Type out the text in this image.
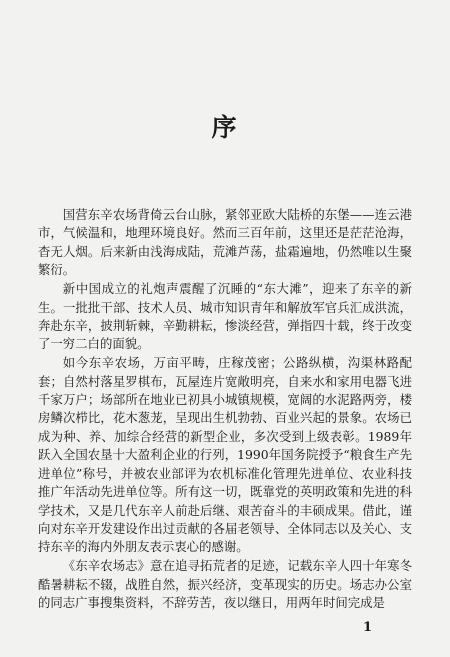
序

国营东辛农场背倚云台山脉，紧邻亚欧大陆桥的东堡——连云港市，气候温和，地理环境良好。然而三百年前，这里还是茫茫沧海，杳无人烟。后来新由浅海成陆，荒滩芦荡，盐霜遍地，仍然唯以生聚繁衍。

新中国成立的礼炮声震醒了沉睡的“东大滩”，迎来了东辛的新生。一批批干部、技术人员、城市知识青年和解放军官兵汇成洪流，奔赴东辛，披荆斩棘，辛勤耕耘，惨淡经营，弹指四十载，终于改变了一穷二白的面貌。

如今东辛农场，万亩平畴，庄稼茂密；公路纵横，沟渠林路配套；自然村落星罗棋布，瓦屋连片宽敞明亮，自来水和家用电器飞进千家万户；场部所在地业已初具小城镇规模，宽阔的水泥路两旁，楼房鳞次栉比，花木葱茏，呈现出生机勃勃、百业兴起的景象。农场已成为种、养、加综合经营的新型企业，多次受到上级表彰。1989年跃入全国农垦十大盈利企业的行列，1990年国务院授予“粮食生产先进单位”称号，并被农业部评为农机标准化管理先进单位、农业科技推广年活动先进单位等。所有这一切，既靠党的英明政策和先进的科学技术，又是几代东辛人前赴后继、艰苦奋斗的丰硕成果。借此，谨向对东辛开发建设作出过贡献的各届老领导、全体同志以及关心、支持东辛的海内外朋友表示衷心的感谢。

《东辛农场志》意在追寻拓荒者的足迹，记载东辛人四十年寒冬酷暑耕耘不辍，战胜自然，振兴经济，变革现实的历史。场志办公室的同志广事搜集资料，不辞劳苦，夜以继日，用两年时间完成是

1
